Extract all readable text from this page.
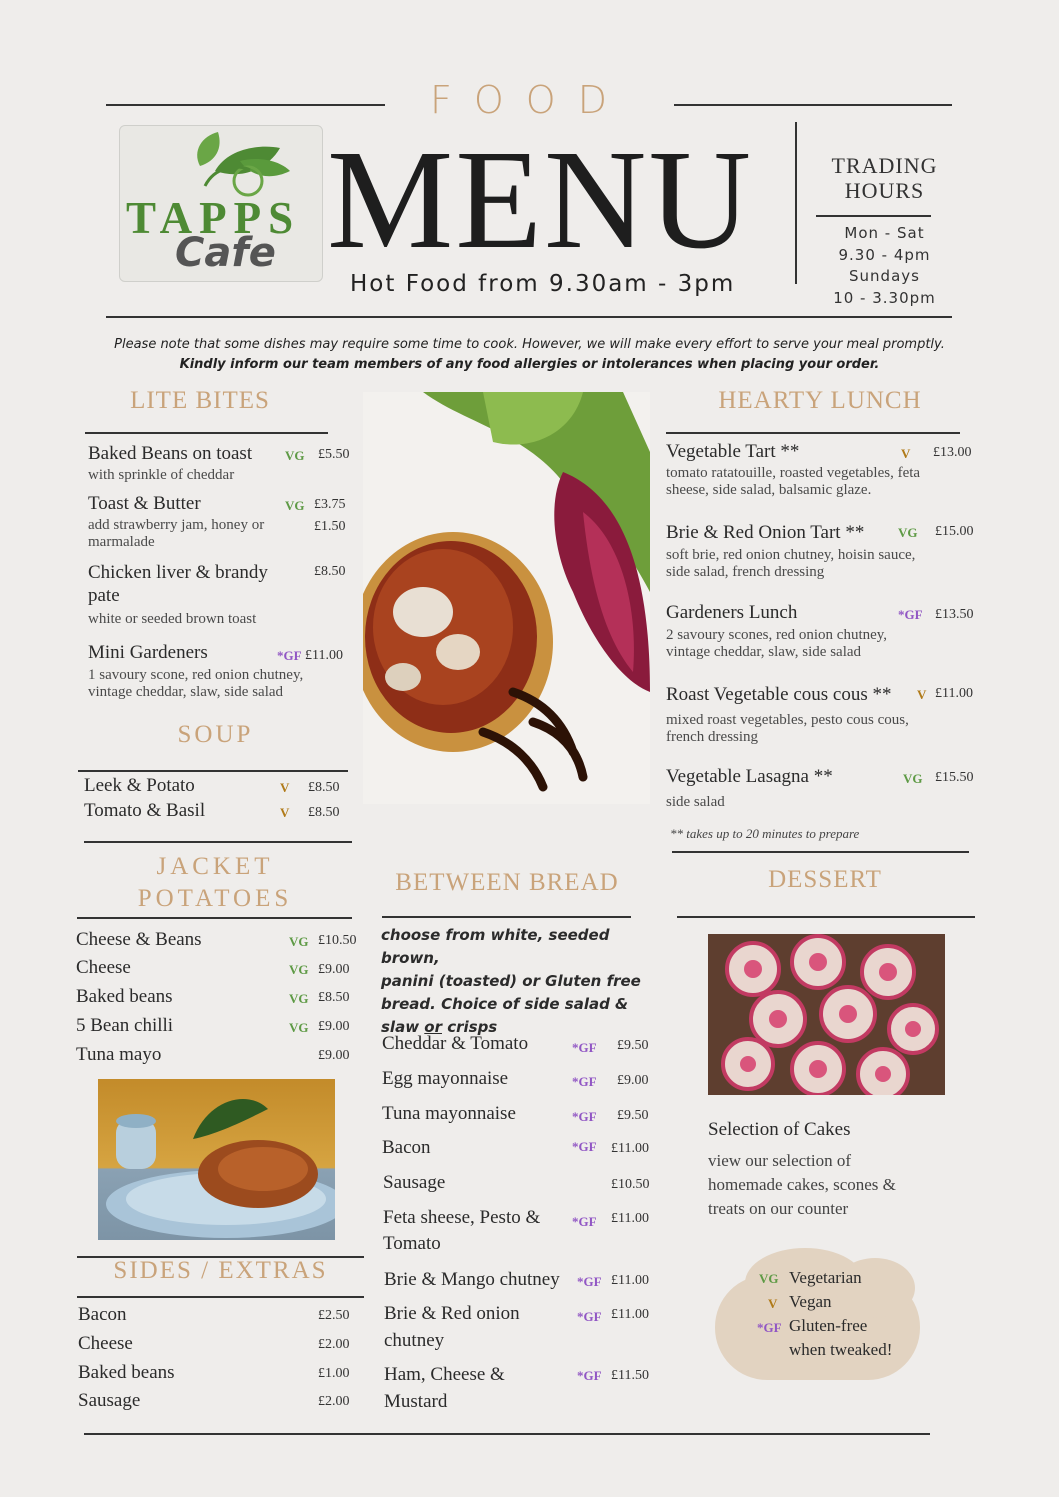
FOOD
TAPPS
Cafe MENU
Hot Food from 9.30am - 3pm
TRADING
HOURS
Mon - Sat
9.30 - 4pm
Sundays
10 - 3.30pm
Please note that some dishes may require some time to cook. However, we will make every effort to serve your meal promptly.
Kindly inform our team members of any food allergies or intolerances when placing your order.
LITE BITES
Baked Beans on toast	VG £5.50
with sprinkle of cheddar
Toast & Butter	VG £3.75
add strawberry jam, honey or marmalade
£1.50
Chicken liver & brandy pate
£8.50
white or seeded brown toast
Mini Gardeners	*GF £11.00
1 savoury scone, red onion chutney, vintage cheddar, slaw, side salad
SOUP
Leek & Potato	V £8.50
Tomato & Basil	V £8.50
JACKET
POTATOES
Cheese & Beans	VG £10.50
Cheese	VG £9.00
Baked beans	VG £8.50
5 Bean chilli	VG £9.00
Tuna mayo	£9.00
SIDES / EXTRAS
Bacon	£2.50
Cheese	£2.00
Baked beans	£1.00
Sausage	£2.00
BETWEEN BREAD
choose from white, seeded brown,
panini (toasted) or Gluten free
bread. Choice of side salad &
slaw or crisps
Cheddar & Tomato	*GF £9.50
Egg mayonnaise	*GF £9.00
Tuna mayonnaise	*GF £9.50
Bacon	*GF £11.00
Sausage	£10.50
Feta sheese, Pesto &
Tomato
*GF £11.00
Brie & Mango chutney *GF £11.00
Brie & Red onion
chutney
*GF £11.00
Ham, Cheese &
Mustard
*GF £11.50
HEARTY LUNCH
Vegetable Tart **	V £13.00
tomato ratatouille, roasted vegetables, feta sheese, side salad, balsamic glaze.
Brie & Red Onion Tart **	VG £15.00
soft brie, red onion chutney, hoisin sauce, side salad, french dressing
Gardeners Lunch	*GF £13.50
2 savoury scones, red onion chutney, vintage cheddar, slaw, side salad
Roast Vegetable cous cous ** V £11.00
mixed roast vegetables, pesto cous cous, french dressing
Vegetable Lasagna **	VG £15.50
side salad
** takes up to 20 minutes to prepare
DESSERT
Selection of Cakes
view our selection of homemade cakes, scones & treats on our counter
VG Vegetarian
V Vegan
*GF Gluten-free
when tweaked!
